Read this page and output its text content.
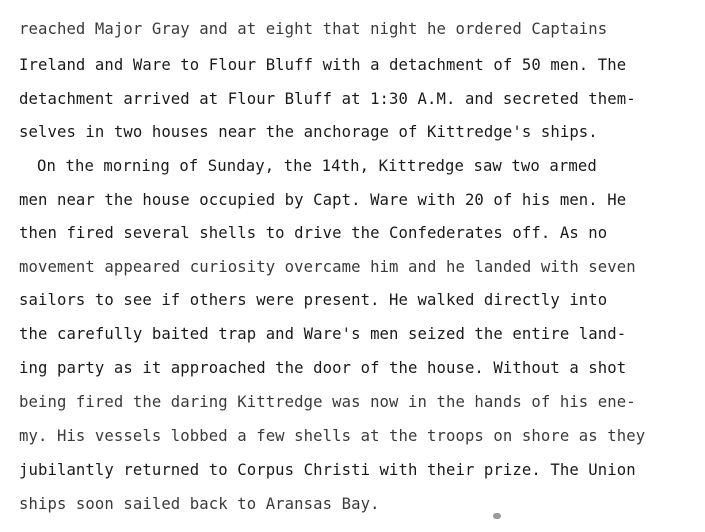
reached Major Gray and at eight that night he ordered Captains
Ireland and Ware to Flour Bluff with a detachment of 50 men. The
detachment arrived at Flour Bluff at 1:30 A.M. and secreted them-
selves in two houses near the anchorage of Kittredge's ships.
On the morning of Sunday, the 14th, Kittredge saw two armed
men near the house occupied by Capt. Ware with 20 of his men. He
then fired several shells to drive the Confederates off. As no
movement appeared curiosity overcame him and he landed with seven
sailors to see if others were present. He walked directly into
the carefully baited trap and Ware's men seized the entire land-
ing party as it approached the door of the house. Without a shot
being fired the daring Kittredge was now in the hands of his ene-
my. His vessels lobbed a few shells at the troops on shore as they
jubilantly returned to Corpus Christi with their prize. The Union
ships soon sailed back to Aransas Bay.
